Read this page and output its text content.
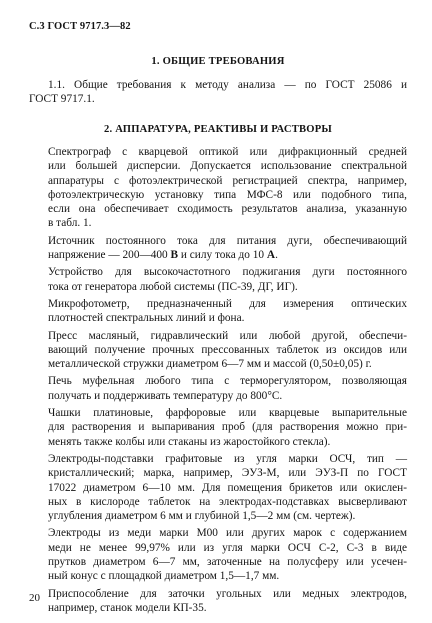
С.3 ГОСТ 9717.3—82
1. ОБЩИЕ ТРЕБОВАНИЯ
1.1. Общие требования к методу анализа — по ГОСТ 25086 и
ГОСТ 9717.1.
2. АППАРАТУРА, РЕАКТИВЫ И РАСТВОРЫ
Спектрограф с кварцевой оптикой или дифракционный средней
или большей дисперсии. Допускается использование спектральной
аппаратуры с фотоэлектрической регистрацией спектра, например,
фотоэлектрическую установку типа МФС-8 или подобного типа,
если она обеспечивает сходимость результатов анализа, указанную
в табл. 1.
Источник постоянного тока для питания дуги, обеспечивающий
напряжение — 200—400 В и силу тока до 10 А.
Устройство для высокочастотного поджигания дуги постоянного
тока от генератора любой системы (ПС-39, ДГ, ИГ).
Микрофотометр, предназначенный для измерения оптических
плотностей спектральных линий и фона.
Пресс масляный, гидравлический или любой другой, обеспечи-
вающий получение прочных прессованных таблеток из оксидов или
металлической стружки диаметром 6—7 мм и массой (0,50±0,05) г.
Печь муфельная любого типа с терморегулятором, позволяющая
получать и поддерживать температуру до 800°С.
Чашки платиновые, фарфоровые или кварцевые выпарительные
для растворения и выпаривания проб (для растворения можно при-
менять также колбы или стаканы из жаростойкого стекла).
Электроды-подставки графитовые из угля марки ОСЧ, тип —
кристаллический; марка, например, ЭУЗ-М, или ЭУЗ-П по ГОСТ
17022 диаметром 6—10 мм. Для помещения брикетов или окислен-
ных в кислороде таблеток на электродах-подставках высверливают
углубления диаметром 6 мм и глубиной 1,5—2 мм (см. чертеж).
Электроды из меди марки М00 или других марок с содержанием
меди не менее 99,97% или из угля марки ОСЧ С-2, С-3 в виде
прутков диаметром 6—7 мм, заточенные на полусферу или усечен-
ный конус с площадкой диаметром 1,5—1,7 мм.
Приспособление для заточки угольных или медных электродов,
например, станок модели КП-35.
20
